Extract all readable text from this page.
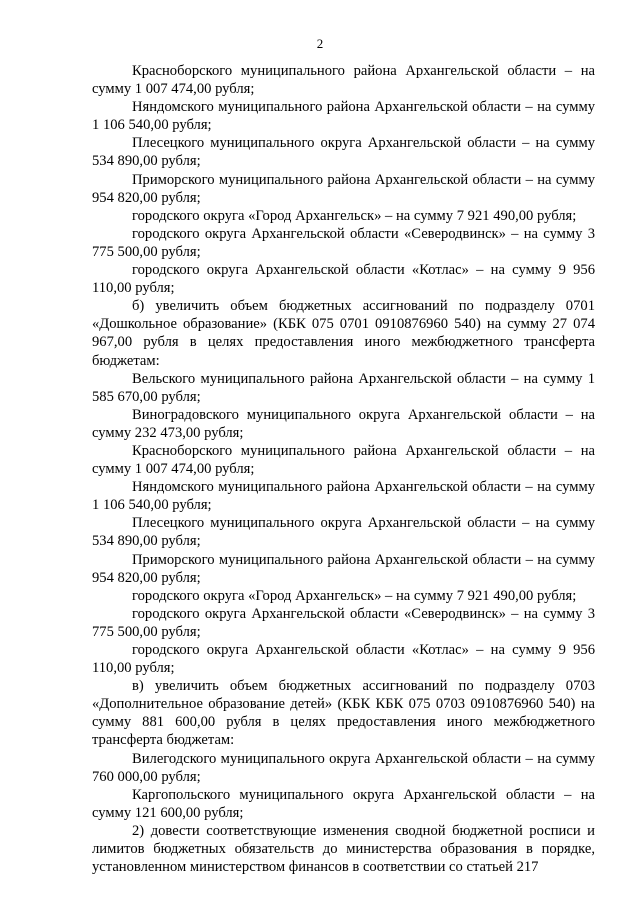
2

Красноборского муниципального района Архангельской области – на сумму 1 007 474,00 рубля;

Няндомского муниципального района Архангельской области – на сумму 1 106 540,00 рубля;

Плесецкого муниципального округа Архангельской области – на сумму 534 890,00 рубля;

Приморского муниципального района Архангельской области – на сумму 954 820,00 рубля;

городского округа «Город Архангельск» – на сумму 7 921 490,00 рубля;

городского округа Архангельской области «Северодвинск» – на сумму 3 775 500,00 рубля;

городского округа Архангельской области «Котлас» – на сумму 9 956 110,00 рубля;

б) увеличить объем бюджетных ассигнований по подразделу 0701 «Дошкольное образование» (КБК 075 0701 0910876960 540) на сумму 27 074 967,00 рубля в целях предоставления иного межбюджетного трансферта бюджетам:

Вельского муниципального района Архангельской области – на сумму 1 585 670,00 рубля;

Виноградовского муниципального округа Архангельской области – на сумму 232 473,00 рубля;

Красноборского муниципального района Архангельской области – на сумму 1 007 474,00 рубля;

Няндомского муниципального района Архангельской области – на сумму 1 106 540,00 рубля;

Плесецкого муниципального округа Архангельской области – на сумму 534 890,00 рубля;

Приморского муниципального района Архангельской области – на сумму 954 820,00 рубля;

городского округа «Город Архангельск» – на сумму 7 921 490,00 рубля;

городского округа Архангельской области «Северодвинск» – на сумму 3 775 500,00 рубля;

городского округа Архангельской области «Котлас» – на сумму 9 956 110,00 рубля;

в) увеличить объем бюджетных ассигнований по подразделу 0703 «Дополнительное образование детей» (КБК КБК 075 0703 0910876960 540) на сумму 881 600,00 рубля в целях предоставления иного межбюджетного трансферта бюджетам:

Вилегодского муниципального округа Архангельской области – на сумму 760 000,00 рубля;

Каргопольского муниципального округа Архангельской области – на сумму 121 600,00 рубля;

2) довести соответствующие изменения сводной бюджетной росписи и лимитов бюджетных обязательств до министерства образования в порядке, установленном министерством финансов в соответствии со статьей 217
